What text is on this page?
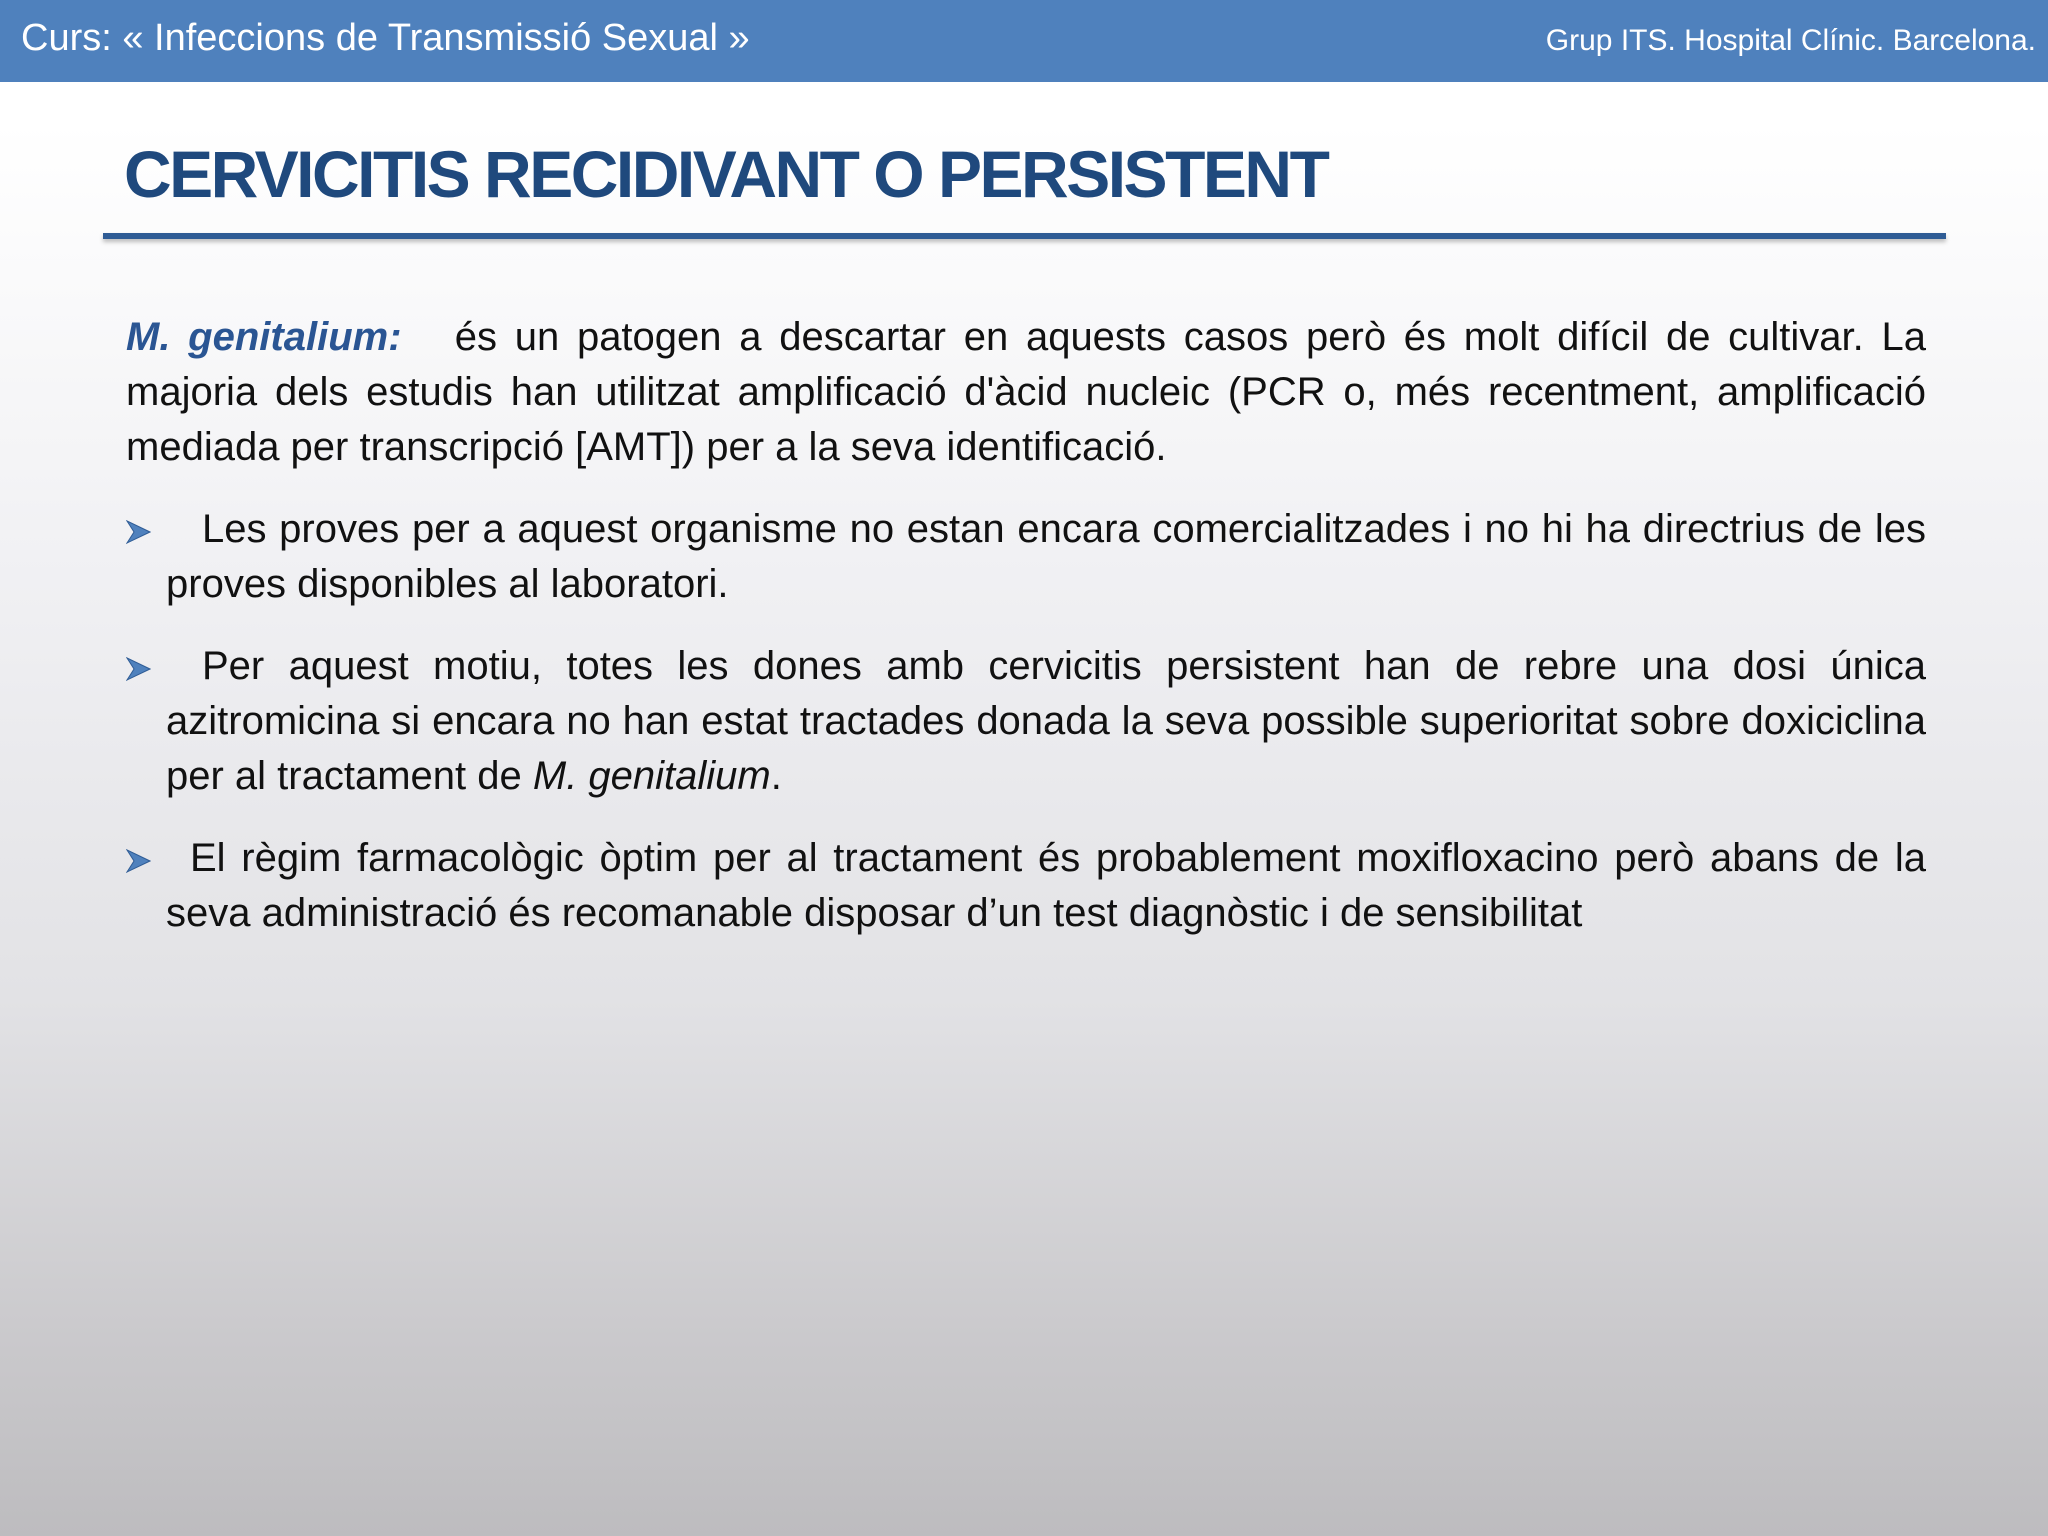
Curs: « Infeccions de Transmissió Sexual »	Grup ITS. Hospital Clínic. Barcelona.
CERVICITIS RECIDIVANT O PERSISTENT

M. genitalium: és un patogen a descartar en aquests casos però és molt difícil de cultivar. La majoria dels estudis han utilitzat amplificació d'àcid nucleic (PCR o, més recentment, amplificació mediada per transcripció [AMT]) per a la seva identificació.

Les proves per a aquest organisme no estan encara comercialitzades i no hi ha directrius de les proves disponibles al laboratori.
Per aquest motiu, totes les dones amb cervicitis persistent han de rebre una dosi única azitromicina si encara no han estat tractades donada la seva possible superioritat sobre doxiciclina per al tractament de M. genitalium.
El règim farmacològic òptim per al tractament és probablement moxifloxacino però abans de la seva administració és recomanable disposar d’un test diagnòstic i de sensibilitat
